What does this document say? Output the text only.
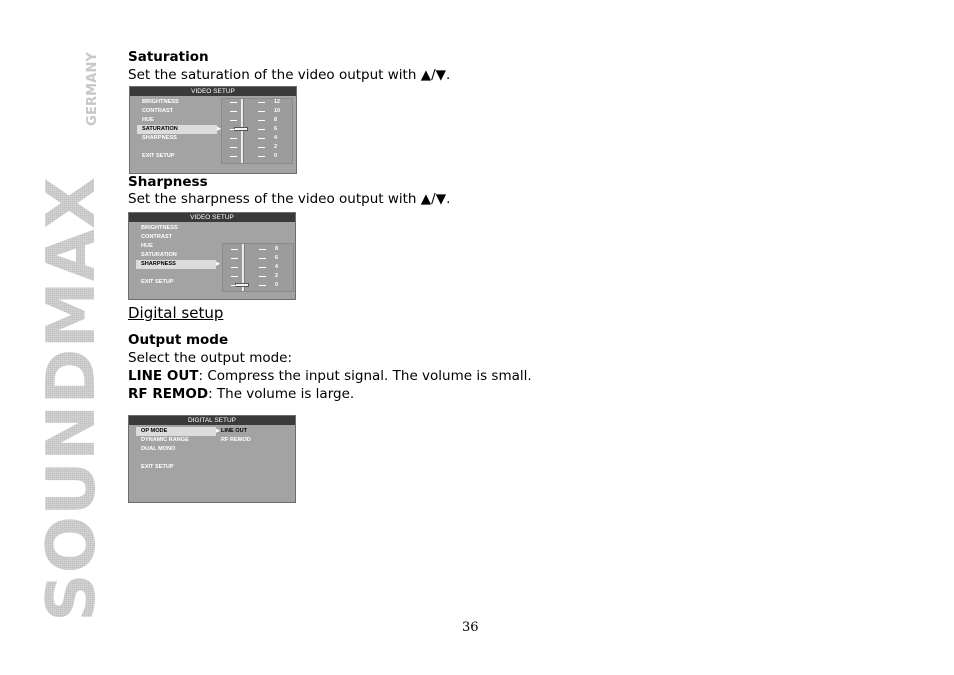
SOUNDMAX
GERMANY Saturation
Set the saturation of the video output with ▲/▼.
VIDEO SETUP
BRIGHTNESS
CONTRAST
HUE
SATURATION ▶
SHARPNESS
EXIT SETUP
12
10
8
6
4
2
0
Sharpness
Set the sharpness of the video output with ▲/▼.
VIDEO SETUP
BRIGHTNESS
CONTRAST
HUE
SATURATION
SHARPNESS ▶
EXIT SETUP
8
6
4
2
0
Digital setup
Output mode
Select the output mode:
LINE OUT: Compress the input signal. The volume is small.
RF REMOD: The volume is large.
DIGITAL SETUP
OP MODE ▶
DYNAMIC RANGE
DUAL MONO
EXIT SETUP
LINE OUT
RF REMOD
36
